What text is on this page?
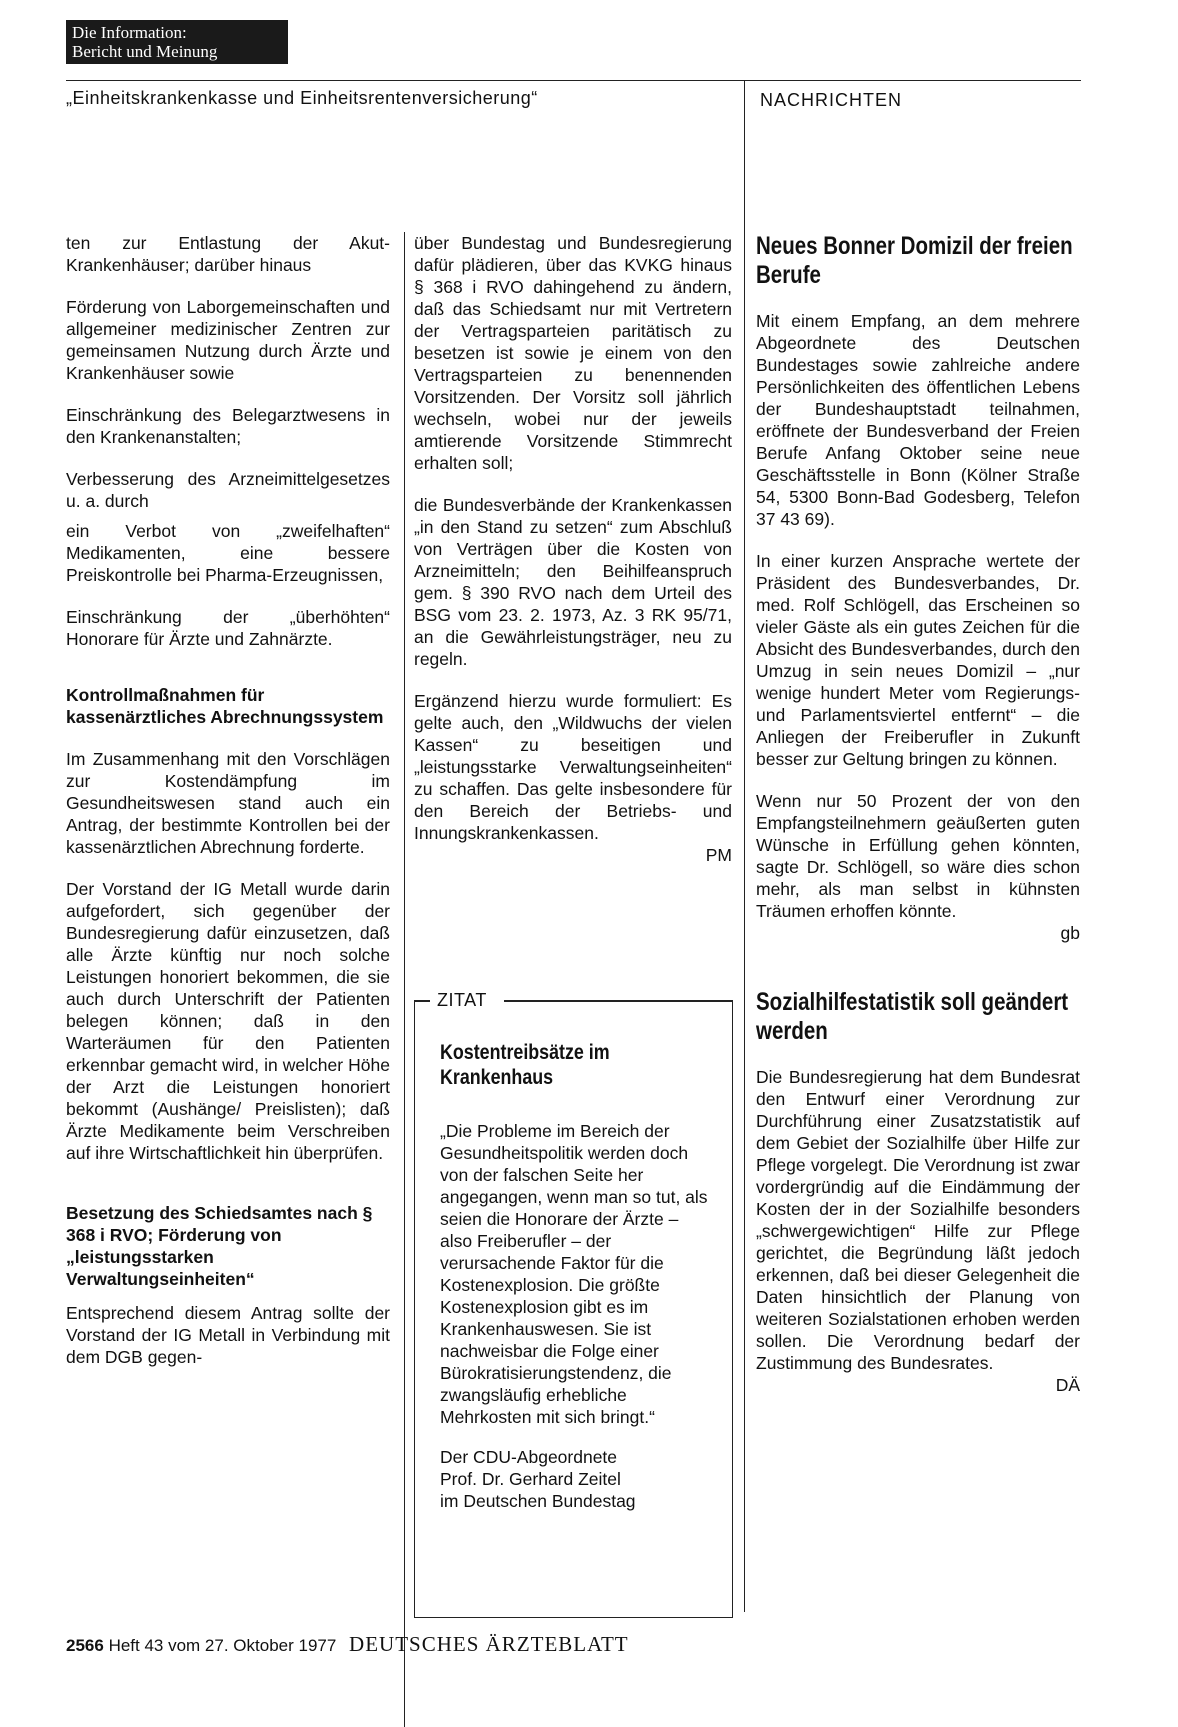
Die Information:
Bericht und Meinung
„Einheitskrankenkasse und Einheitsrentenversicherung“	NACHRICHTEN

ten zur Entlastung der Akut-Krankenhäuser; darüber hinaus

Förderung von Laborgemeinschaften und allgemeiner medizinischer Zentren zur gemeinsamen Nutzung durch Ärzte und Krankenhäuser sowie

Einschränkung des Belegarztwesens in den Krankenanstalten;

Verbesserung des Arzneimittelgesetzes u. a. durch

ein Verbot von „zweifelhaften“ Medikamenten, eine bessere Preiskontrolle bei Pharma-Erzeugnissen,

Einschränkung der „überhöhten“ Honorare für Ärzte und Zahnärzte.

Kontrollmaßnahmen für kassenärztliches Abrechnungssystem

Im Zusammenhang mit den Vorschlägen zur Kostendämpfung im Gesundheitswesen stand auch ein Antrag, der bestimmte Kontrollen bei der kassenärztlichen Abrechnung forderte.

Der Vorstand der IG Metall wurde darin aufgefordert, sich gegenüber der Bundesregierung dafür einzusetzen, daß alle Ärzte künftig nur noch solche Leistungen honoriert bekommen, die sie auch durch Unterschrift der Patienten belegen können; daß in den Warteräumen für den Patienten erkennbar gemacht wird, in welcher Höhe der Arzt die Leistungen honoriert bekommt (Aushänge/ Preislisten); daß Ärzte Medikamente beim Verschreiben auf ihre Wirtschaftlichkeit hin überprüfen.

Besetzung des Schiedsamtes nach § 368 i RVO; Förderung von „leistungsstarken Verwaltungseinheiten“

Entsprechend diesem Antrag sollte der Vorstand der IG Metall in Verbindung mit dem DGB gegen-

über Bundestag und Bundesregierung dafür plädieren, über das KVKG hinaus § 368 i RVO dahingehend zu ändern, daß das Schiedsamt nur mit Vertretern der Vertragsparteien paritätisch zu besetzen ist sowie je einem von den Vertragsparteien zu benennenden Vorsitzenden. Der Vorsitz soll jährlich wechseln, wobei nur der jeweils amtierende Vorsitzende Stimmrecht erhalten soll;

die Bundesverbände der Krankenkassen „in den Stand zu setzen“ zum Abschluß von Verträgen über die Kosten von Arzneimitteln; den Beihilfeanspruch gem. § 390 RVO nach dem Urteil des BSG vom 23. 2. 1973, Az. 3 RK 95/71, an die Gewährleistungsträger, neu zu regeln.

Ergänzend hierzu wurde formuliert: Es gelte auch, den „Wildwuchs der vielen Kassen“ zu beseitigen und „leistungsstarke Verwaltungseinheiten“ zu schaffen. Das gelte insbesondere für den Bereich der Betriebs- und Innungskrankenkassen.
PM

ZITAT
Kostentreibsätze im Krankenhaus

„Die Probleme im Bereich der Gesundheitspolitik werden doch von der falschen Seite her angegangen, wenn man so tut, als seien die Honorare der Ärzte – also Freiberufler – der verursachende Faktor für die Kostenexplosion. Die größte Kostenexplosion gibt es im Krankenhauswesen. Sie ist nachweisbar die Folge einer Bürokratisierungstendenz, die zwangsläufig erhebliche Mehrkosten mit sich bringt.“

Der CDU-Abgeordnete
Prof. Dr. Gerhard Zeitel
im Deutschen Bundestag
Neues Bonner Domizil der freien Berufe

Mit einem Empfang, an dem mehrere Abgeordnete des Deutschen Bundestages sowie zahlreiche andere Persönlichkeiten des öffentlichen Lebens der Bundeshauptstadt teilnahmen, eröffnete der Bundesverband der Freien Berufe Anfang Oktober seine neue Geschäftsstelle in Bonn (Kölner Straße 54, 5300 Bonn-Bad Godesberg, Telefon 37 43 69).

In einer kurzen Ansprache wertete der Präsident des Bundesverbandes, Dr. med. Rolf Schlögell, das Erscheinen so vieler Gäste als ein gutes Zeichen für die Absicht des Bundesverbandes, durch den Umzug in sein neues Domizil – „nur wenige hundert Meter vom Regierungs- und Parlamentsviertel entfernt“ – die Anliegen der Freiberufler in Zukunft besser zur Geltung bringen zu können.

Wenn nur 50 Prozent der von den Empfangsteilnehmern geäußerten guten Wünsche in Erfüllung gehen könnten, sagte Dr. Schlögell, so wäre dies schon mehr, als man selbst in kühnsten Träumen erhoffen könnte.
gb

Sozialhilfestatistik soll geändert werden

Die Bundesregierung hat dem Bundesrat den Entwurf einer Verordnung zur Durchführung einer Zusatzstatistik auf dem Gebiet der Sozialhilfe über Hilfe zur Pflege vorgelegt. Die Verordnung ist zwar vordergründig auf die Eindämmung der Kosten der in der Sozialhilfe besonders „schwergewichtigen“ Hilfe zur Pflege gerichtet, die Begründung läßt jedoch erkennen, daß bei dieser Gelegenheit die Daten hinsichtlich der Planung von weiteren Sozialstationen erhoben werden sollen. Die Verordnung bedarf der Zustimmung des Bundesrates.
DÄ

2566 Heft 43 vom 27. Oktober 1977 DEUTSCHES ÄRZTEBLATT
